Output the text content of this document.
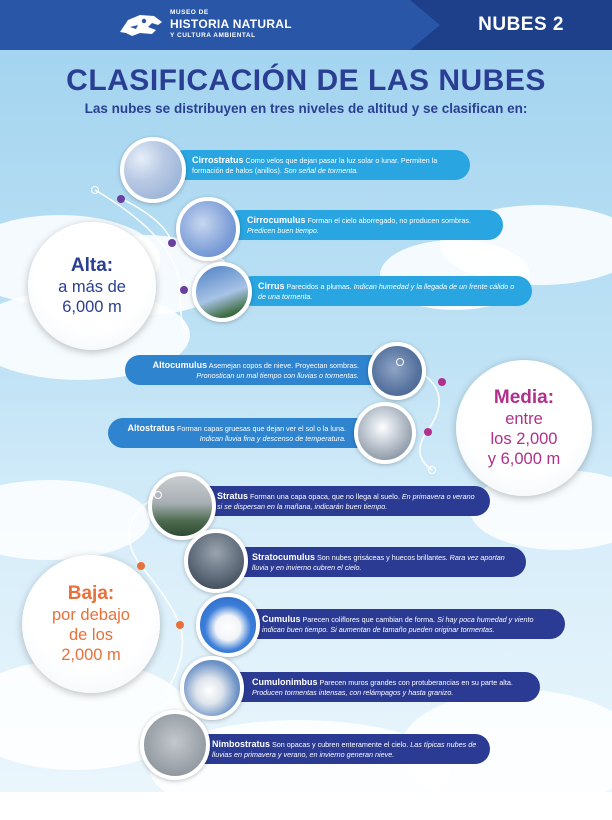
MUSEO DE
HISTORIA NATURAL
Y CULTURA AMBIENTAL
NUBES 2
CLASIFICACIÓN DE LAS NUBES
Las nubes se distribuyen en tres niveles de altitud y se clasifican en:
Alta:
a más de
6,000 m
Media:
entre
los 2,000
y 6,000 m
Baja:
por debajo
de los
2,000 m
Cirrostratus Como velos que dejan pasar la luz solar o lunar. Permiten la formación de halos (anillos). Son señal de tormenta.
Cirrocumulus Forman el cielo aborregado, no producen sombras. Predicen buen tiempo.
Cirrus Parecidos a plumas. Indican humedad y la llegada de un frente cálido o de una tormenta.
Altocumulus Asemejan copos de nieve. Proyectan sombras. Pronostican un mal tiempo con lluvias o tormentas.
Altostratus Forman capas gruesas que dejan ver el sol o la luna. Indican lluvia fina y descenso de temperatura.
Stratus Forman una capa opaca, que no llega al suelo. En primavera o verano si se dispersan en la mañana, indicarán buen tiempo.
Stratocumulus Son nubes grisáceas y huecos brillantes. Rara vez aportan lluvia y en invierno cubren el cielo.
Cumulus Parecen coliflores que cambian de forma. Si hay poca humedad y viento indican buen tiempo. Si aumentan de tamaño pueden originar tormentas.
Cumulonimbus Parecen muros grandes con protuberancias en su parte alta. Producen tormentas intensas, con relámpagos y hasta granizo.
Nimbostratus Son opacas y cubren enteramente el cielo. Las típicas nubes de lluvias en primavera y verano, en invierno generan nieve.
